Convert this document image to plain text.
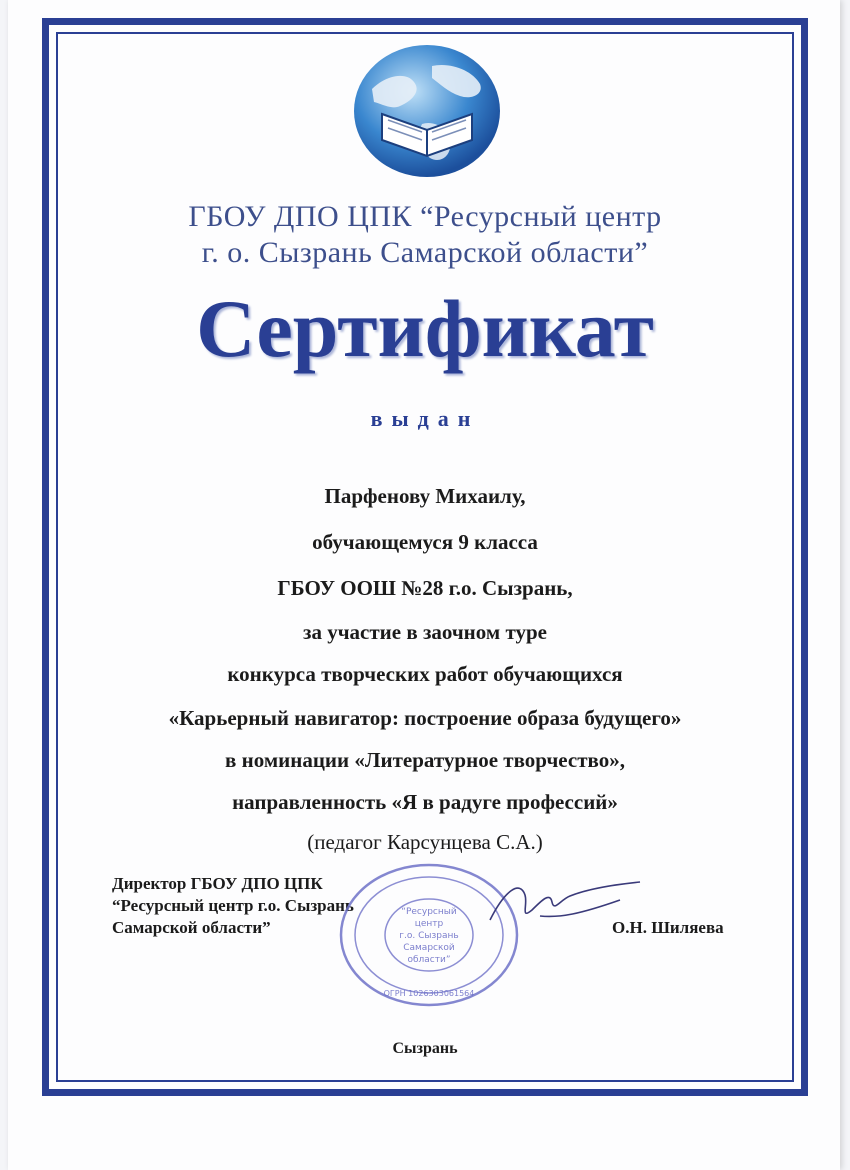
ГБОУ ДПО ЦПК “Ресурсный центр
г. о. Сызрань Самарской области”
Сертификат
выдан
Парфенову Михаилу,
обучающемуся 9 класса
ГБОУ ООШ №28 г.о. Сызрань,
за участие в заочном туре
конкурса творческих работ обучающихся
«Карьерный навигатор: построение образа будущего»
в номинации «Литературное творчество»,
направленность «Я в радуге профессий»
(педагог Карсунцева С.А.)
Директор ГБОУ ДПО ЦПК
“Ресурсный центр г.о. Сызрань
Самарской области”
“Ресурсный
центр
г.о. Сызрань
Самарской
области”
ОГРН 1026303061564
О.Н. Шиляева
Сызрань
